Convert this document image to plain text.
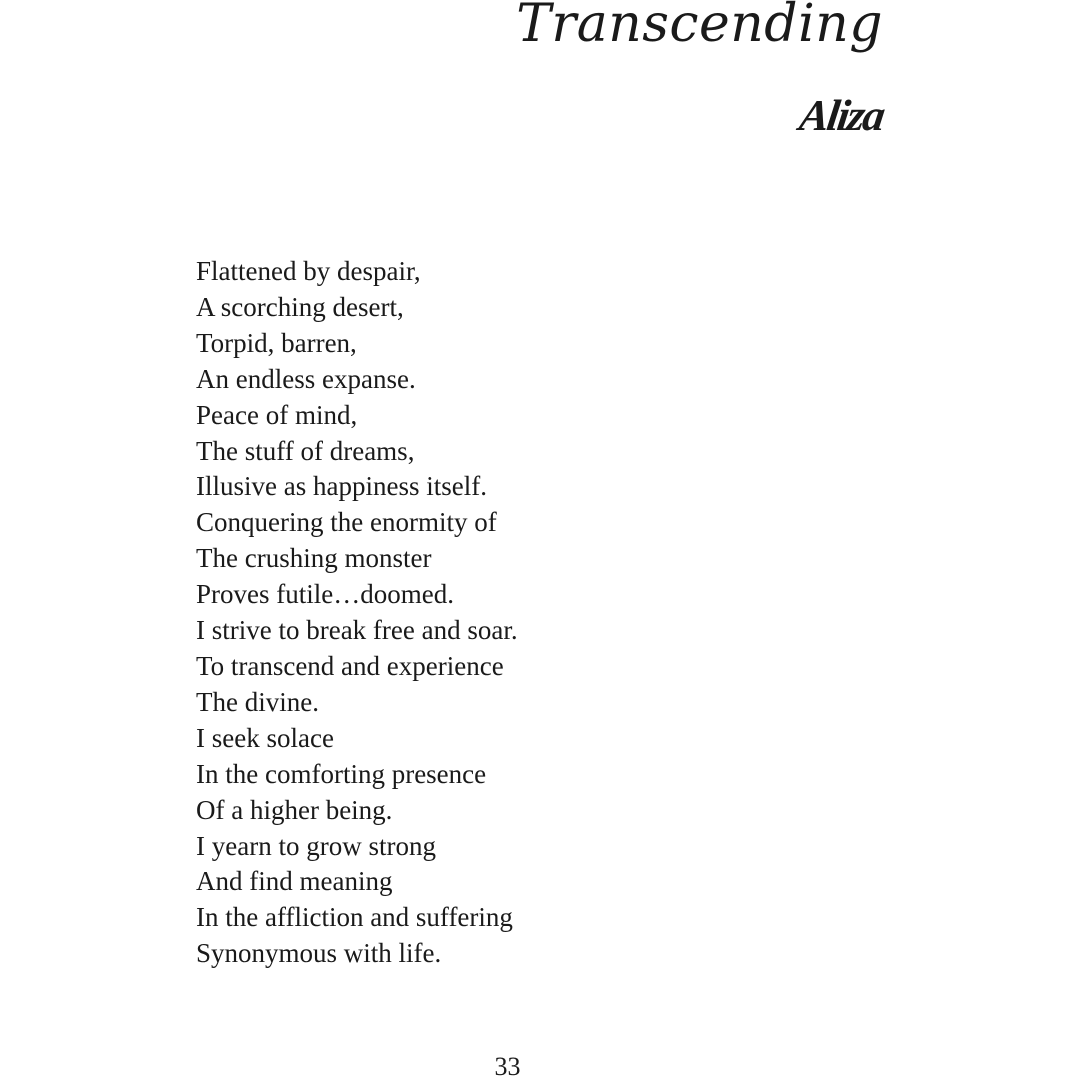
Transcending
Aliza
Flattened by despair,
A scorching desert,
Torpid, barren,
An endless expanse.
Peace of mind,
The stuff of dreams,
Illusive as happiness itself.
Conquering the enormity of
The crushing monster
Proves futile…doomed.
I strive to break free and soar.
To transcend and experience
The divine.
I seek solace
In the comforting presence
Of a higher being.
I yearn to grow strong
And find meaning
In the affliction and suffering
Synonymous with life.
33
